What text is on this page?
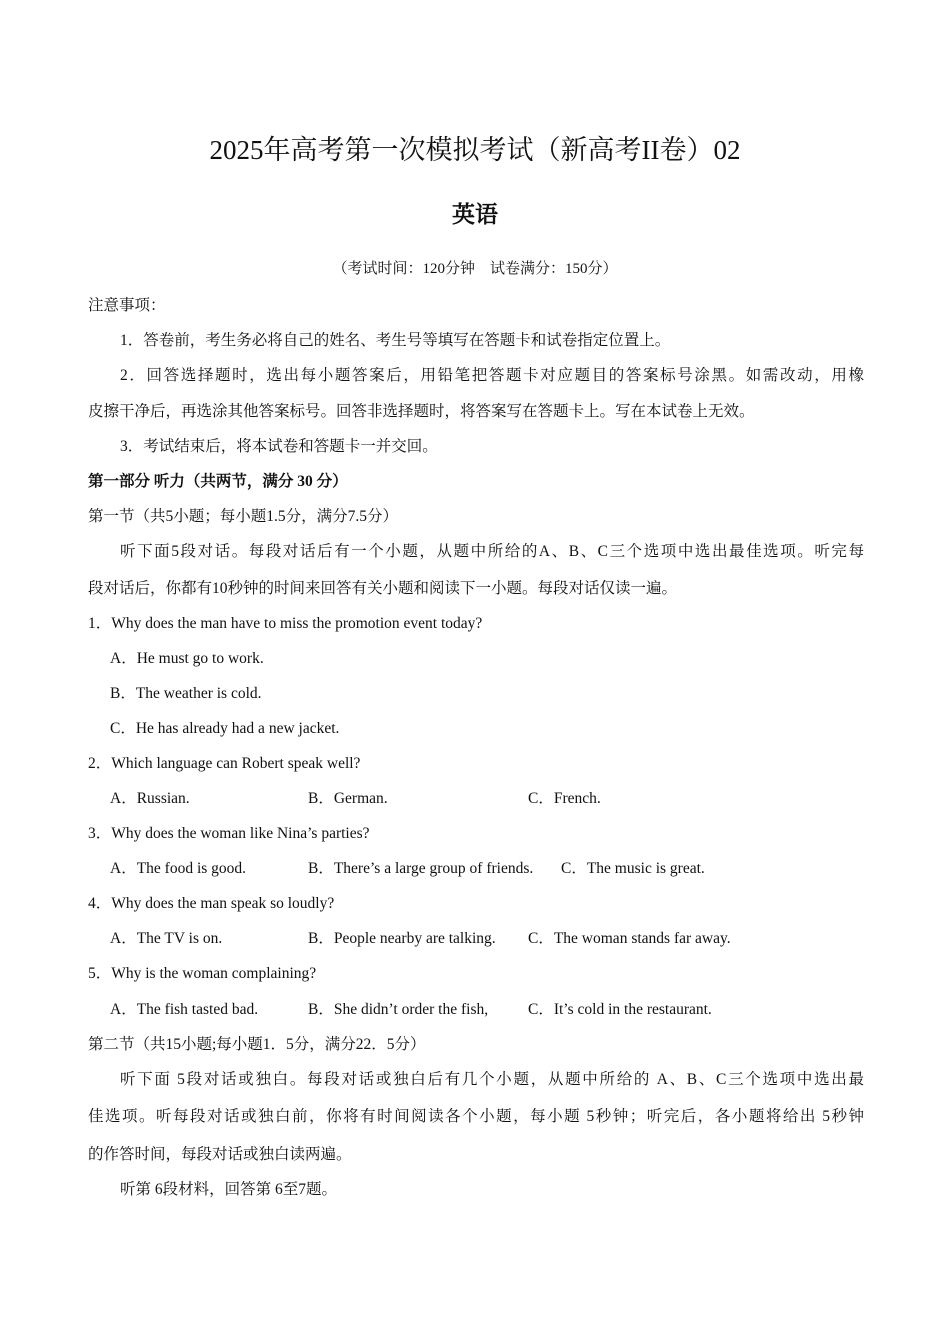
2025年高考第一次模拟考试（新高考II卷）02
英语
（考试时间：120分钟　试卷满分：150分）
注意事项：
1．答卷前，考生务必将自己的姓名、考生号等填写在答题卡和试卷指定位置上。
2．回答选择题时，选出每小题答案后，用铅笔把答题卡对应题目的答案标号涂黑。如需改动，用橡
皮擦干净后，再选涂其他答案标号。回答非选择题时，将答案写在答题卡上。写在本试卷上无效。
3．考试结束后，将本试卷和答题卡一并交回。
第一部分 听力（共两节，满分 30 分）
第一节（共5小题；每小题1.5分，满分7.5分）
听下面5段对话。每段对话后有一个小题，从题中所给的A、B、C三个选项中选出最佳选项。听完每
段对话后，你都有10秒钟的时间来回答有关小题和阅读下一小题。每段对话仅读一遍。
1．Why does the man have to miss the promotion event today?
A．He must go to work.
B．The weather is cold.
C．He has already had a new jacket.
2．Which language can Robert speak well?
A．Russian.	B．German.	C．French.
3．Why does the woman like Nina’s parties?
A．The food is good.	B．There’s a large group of friends. C．The music is great.
4．Why does the man speak so loudly?
A．The TV is on.	B．People nearby are talking. C．The woman stands far away.
5．Why is the woman complaining?
A．The fish tasted bad.	B．She didn’t order the fish,	C．It’s cold in the restaurant.
第二节（共15小题;每小题1．5分，满分22．5分）
听下面 5段对话或独白。每段对话或独白后有几个小题，从题中所给的 A、B、C三个选项中选出最
佳选项。听每段对话或独白前，你将有时间阅读各个小题，每小题 5秒钟；听完后，各小题将给出 5秒钟
的作答时间，每段对话或独白读两遍。
听第 6段材料，回答第 6至7题。
